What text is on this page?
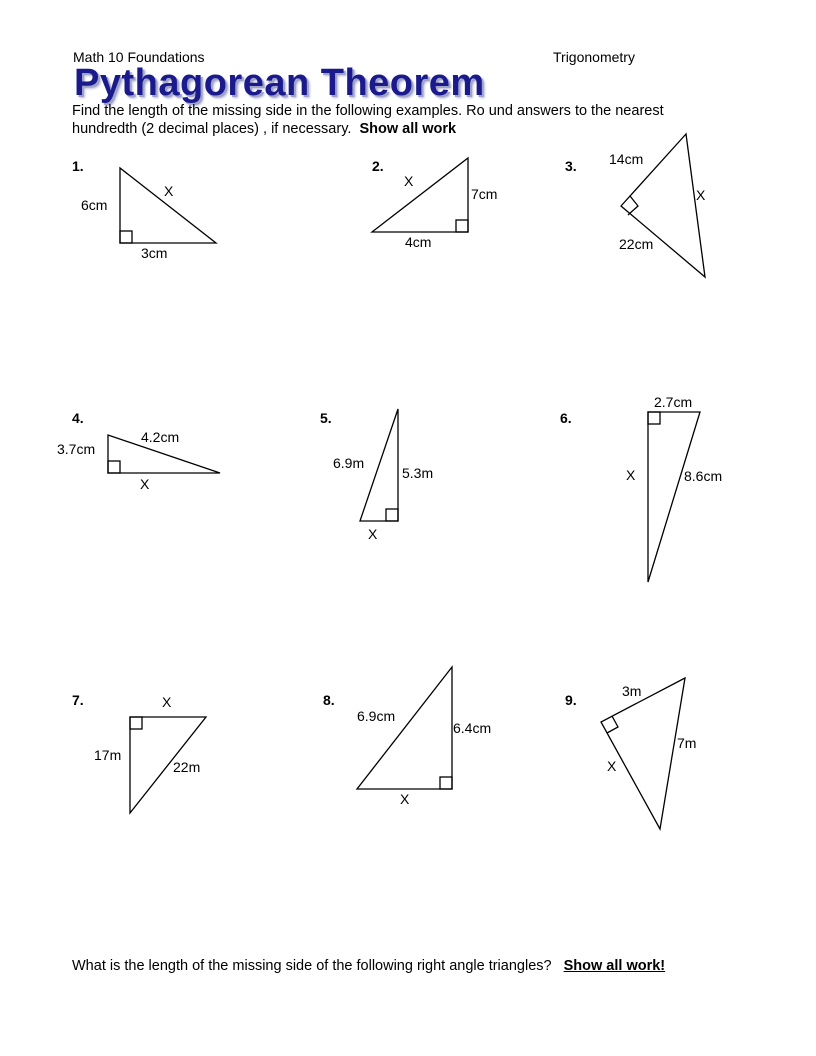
Math 10 Foundations	Trigonometry
Pythagorean Theorem
Find the length of the missing side in the following examples. Ro und answers to the nearest
hundredth (2 decimal places) , if necessary. Show all work
1.	2.	3.
4.	5.	6.
7.	8.	9.
6cm
3cm
X
X
7cm
4cm
14cm
X
22cm
3.7cm
4.2cm
X
6.9m
5.3m
X
2.7cm
X	8.6cm
X
17m
22m
6.9cm
6.4cm
X
3m
7m
X
What is the length of the missing side of the following right angle triangles? Show all work!
